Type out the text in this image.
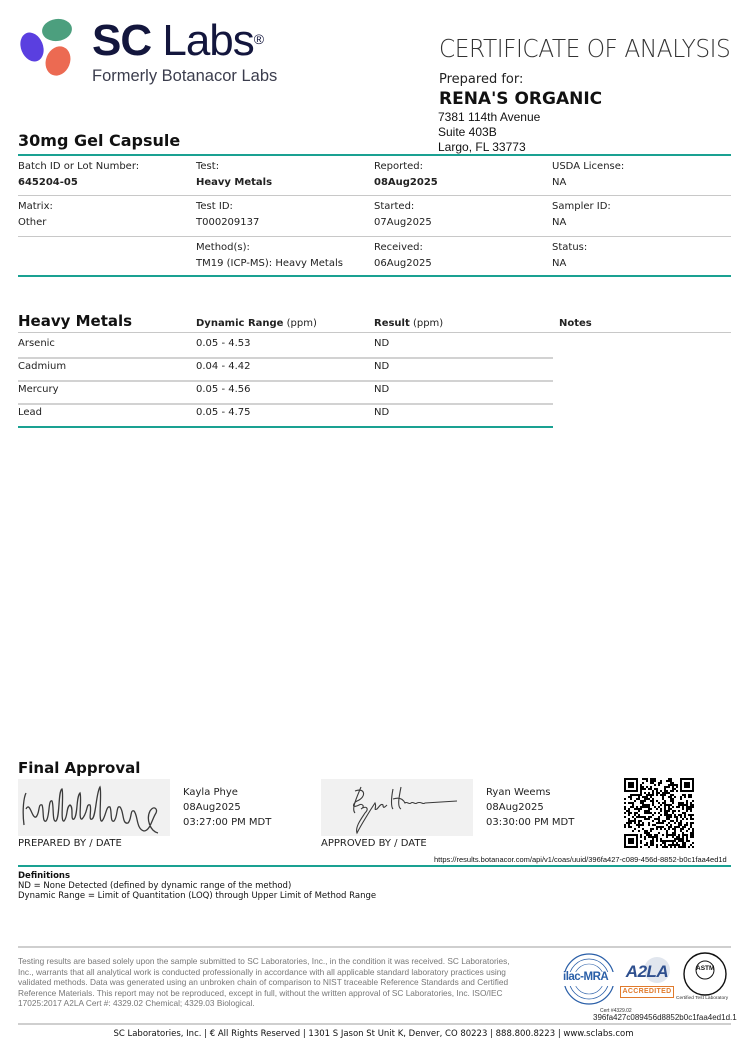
SC Labs®
Formerly Botanacor Labs
CERTIFICATE OF ANALYSIS
Prepared for:
RENA'S ORGANIC
7381 114th Avenue
Suite 403B
Largo, FL 33773
30mg Gel Capsule
Batch ID or Lot Number:
645204-05
Test:
Heavy Metals
Reported:
08Aug2025
USDA License:
NA
Matrix:
Other
Test ID:
T000209137
Started:
07Aug2025
Sampler ID:
NA
Method(s):
TM19 (ICP-MS): Heavy Metals
Received:
06Aug2025
Status:
NA
Heavy Metals	Dynamic Range (ppm)	Result (ppm)	Notes
Arsenic	0.05 - 4.53	ND
Cadmium	0.04 - 4.42	ND
Mercury	0.05 - 4.56	ND
Lead	0.05 - 4.75	ND
Final Approval
Kayla Phye
08Aug2025
03:27:00 PM MDT
PREPARED BY / DATE
Ryan Weems
08Aug2025
03:30:00 PM MDT
APPROVED BY / DATE
https://results.botanacor.com/api/v1/coas/uuid/396fa427-c089-456d-8852-b0c1faa4ed1d
Definitions
ND = None Detected (defined by dynamic range of the method)
Dynamic Range = Limit of Quantitation (LOQ) through Upper Limit of Method Range
Testing results are based solely upon the sample submitted to SC Laboratories, Inc., in the condition it was received. SC Laboratories,
Inc., warrants that all analytical work is conducted professionally in accordance with all applicable standard laboratory practices using
validated methods. Data was generated using an unbroken chain of comparison to NIST traceable Reference Standards and Certified
Reference Materials. This report may not be reproduced, except in full, without the written approval of SC Laboratories, Inc. ISO/IEC
17025:2017 A2LA Cert #: 4329.02 Chemical; 4329.03 Biological.
ilac-MRA A2LA
ACCREDITED
ASTM
Certified Test Laboratory
Cert #4329.02
396fa427c089456d8852b0c1faa4ed1d.1
SC Laboratories, Inc. | € All Rights Reserved | 1301 S Jason St Unit K, Denver, CO 80223 | 888.800.8223 | www.sclabs.com
